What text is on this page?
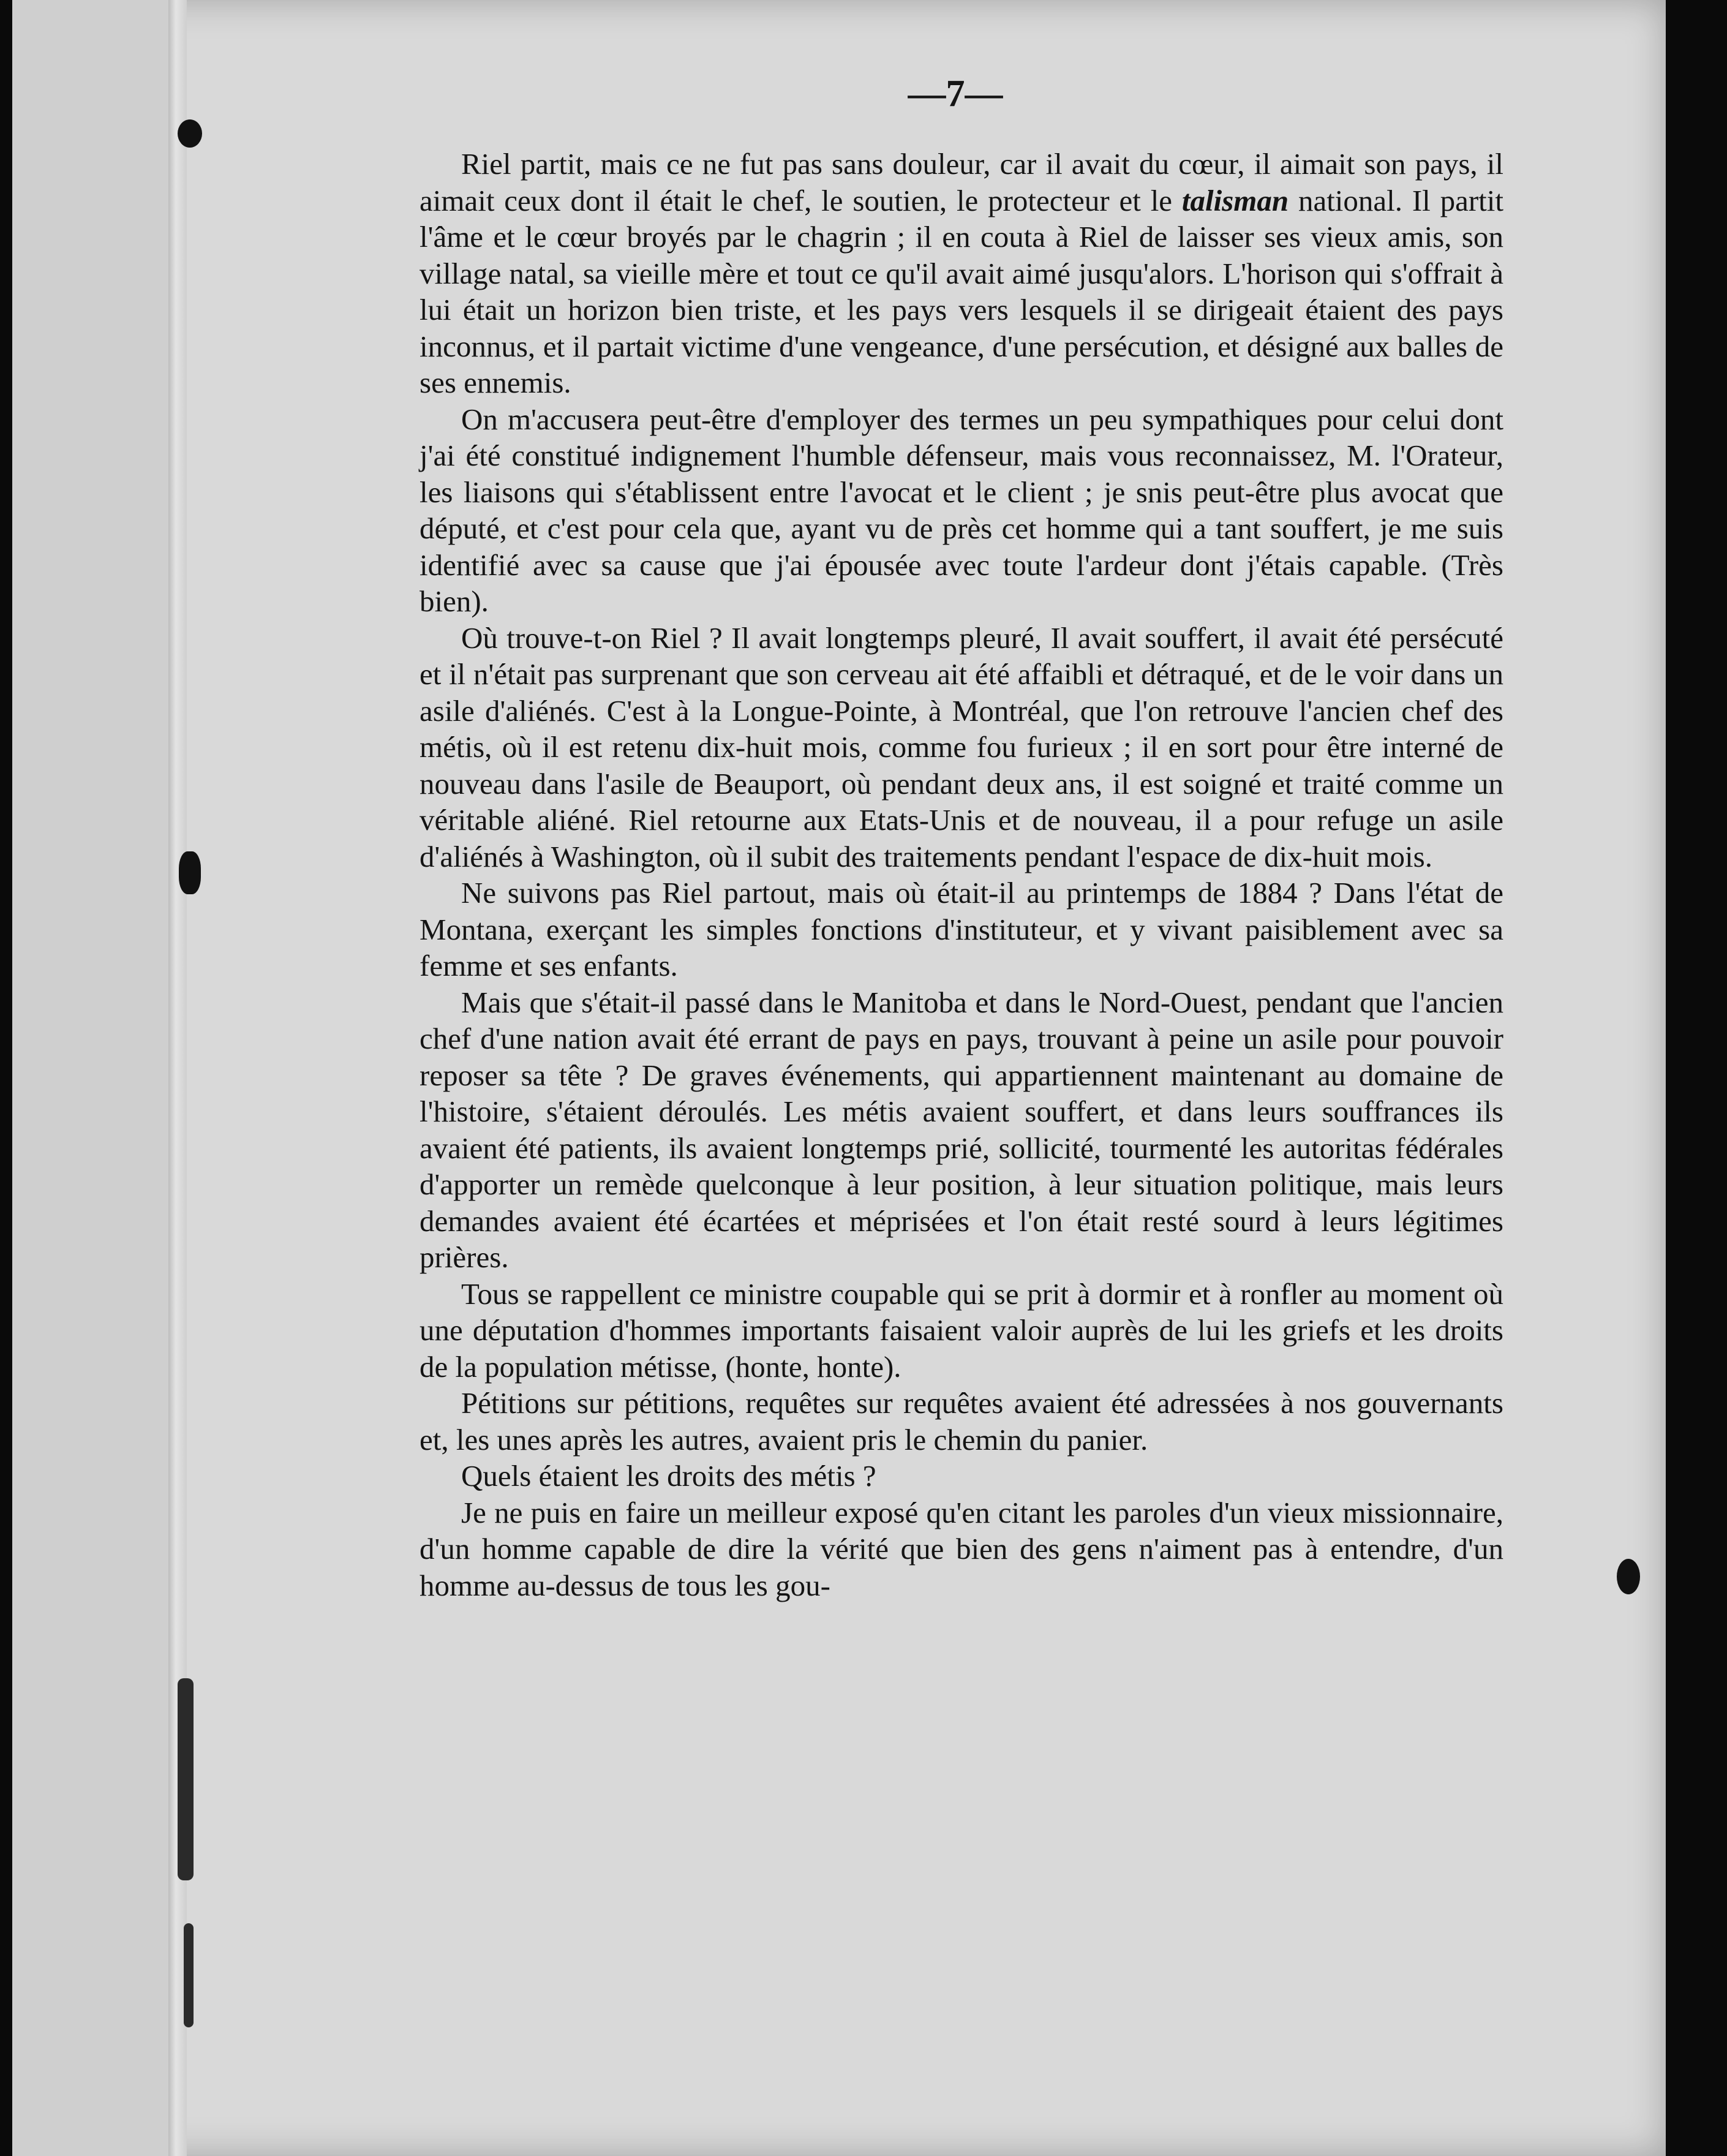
—7—

Riel partit, mais ce ne fut pas sans douleur, car il avait du cœur, il aimait son pays, il aimait ceux dont il était le chef, le soutien, le protecteur et le talisman national. Il partit l'âme et le cœur broyés par le chagrin ; il en couta à Riel de laisser ses vieux amis, son village natal, sa vieille mère et tout ce qu'il avait aimé jusqu'alors. L'horison qui s'offrait à lui était un horizon bien triste, et les pays vers lesquels il se dirigeait étaient des pays inconnus, et il partait victime d'une vengeance, d'une persécution, et désigné aux balles de ses ennemis.

On m'accusera peut-être d'employer des termes un peu sympathiques pour celui dont j'ai été constitué indignement l'humble défenseur, mais vous reconnaissez, M. l'Orateur, les liaisons qui s'établissent entre l'avocat et le client ; je snis peut-être plus avocat que député, et c'est pour cela que, ayant vu de près cet homme qui a tant souffert, je me suis identifié avec sa cause que j'ai épousée avec toute l'ardeur dont j'étais capable. (Très bien).

Où trouve-t-on Riel ? Il avait longtemps pleuré, Il avait souffert, il avait été persécuté et il n'était pas surprenant que son cerveau ait été affaibli et détraqué, et de le voir dans un asile d'aliénés. C'est à la Longue-Pointe, à Montréal, que l'on retrouve l'ancien chef des métis, où il est retenu dix-huit mois, comme fou furieux ; il en sort pour être interné de nouveau dans l'asile de Beauport, où pendant deux ans, il est soigné et traité comme un véritable aliéné. Riel retourne aux Etats-Unis et de nouveau, il a pour refuge un asile d'aliénés à Washington, où il subit des traitements pendant l'espace de dix-huit mois.

Ne suivons pas Riel partout, mais où était-il au printemps de 1884 ? Dans l'état de Montana, exerçant les simples fonctions d'instituteur, et y vivant paisiblement avec sa femme et ses enfants.

Mais que s'était-il passé dans le Manitoba et dans le Nord-Ouest, pendant que l'ancien chef d'une nation avait été errant de pays en pays, trouvant à peine un asile pour pouvoir reposer sa tête ? De graves événements, qui appartiennent maintenant au domaine de l'histoire, s'étaient déroulés. Les métis avaient souffert, et dans leurs souffrances ils avaient été patients, ils avaient longtemps prié, sollicité, tourmenté les autoritas fédérales d'apporter un remède quelconque à leur position, à leur situation politique, mais leurs demandes avaient été écartées et méprisées et l'on était resté sourd à leurs légitimes prières.

Tous se rappellent ce ministre coupable qui se prit à dormir et à ronfler au moment où une députation d'hommes importants faisaient valoir auprès de lui les griefs et les droits de la population métisse, (honte, honte).

Pétitions sur pétitions, requêtes sur requêtes avaient été adressées à nos gouvernants et, les unes après les autres, avaient pris le chemin du panier.

Quels étaient les droits des métis ?

Je ne puis en faire un meilleur exposé qu'en citant les paroles d'un vieux missionnaire, d'un homme capable de dire la vérité que bien des gens n'aiment pas à entendre, d'un homme au-dessus de tous les gou-
